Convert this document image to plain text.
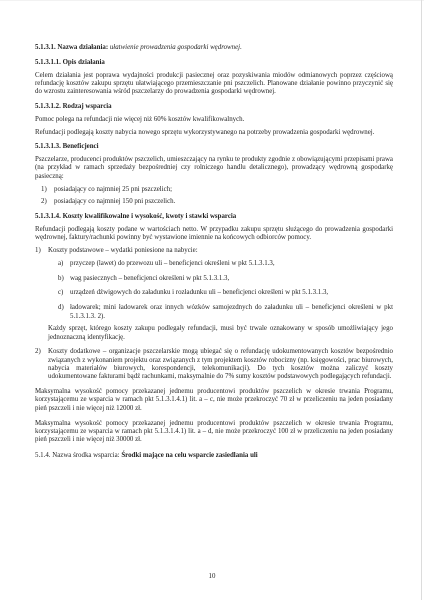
5.1.3.1. Nazwa działania: ułatwienie prowadzenia gospodarki wędrownej.

5.1.3.1.1. Opis działania

Celem działania jest poprawa wydajności produkcji pasiecznej oraz pozyskiwania miodów odmianowych poprzez częściową refundację kosztów zakupu sprzętu ułatwiającego przemieszczanie pni pszczelich. Planowane działanie powinno przyczynić się do wzrostu zainteresowania wśród pszczelarzy do prowadzenia gospodarki wędrownej.

5.1.3.1.2. Rodzaj wsparcia

Pomoc polega na refundacji nie więcej niż 60% kosztów kwalifikowalnych.

Refundacji podlegają koszty nabycia nowego sprzętu wykorzystywanego na potrzeby prowadzenia gospodarki wędrownej.

5.1.3.1.3. Beneficjenci

Pszczelarze, producenci produktów pszczelich, umieszczający na rynku te produkty zgodnie z obowiązującymi przepisami prawa (na przykład w ramach sprzedaży bezpośredniej czy rolniczego handlu detalicznego), prowadzący wędrowną gospodarkę pasieczną:

1)	posiadający co najmniej 25 pni pszczelich;
2)	posiadający co najmniej 150 pni pszczelich.

5.1.3.1.4. Koszty kwalifikowalne i wysokość, kwoty i stawki wsparcia

Refundacji podlegają koszty podane w wartościach netto. W przypadku zakupu sprzętu służącego do prowadzenia gospodarki wędrownej, faktury/rachunki powinny być wystawione imiennie na końcowych odbiorców pomocy.

1)	Koszty podstawowe – wydatki poniesione na nabycie:
a) przyczep (lawet) do przewozu uli – beneficjenci określeni w pkt 5.1.3.1.3,
b) wag pasiecznych – beneficjenci określeni w pkt 5.1.3.1.3,
c) urządzeń dźwigowych do załadunku i rozładunku uli – beneficjenci określeni w pkt 5.1.3.1.3,
d) ładowarek; mini ładowarek oraz innych wózków samojezdnych do załadunku uli – beneficjenci określeni w pkt 5.1.3.1.3. 2).

Każdy sprzęt, którego koszty zakupu podlegały refundacji, musi być trwale oznakowany w sposób umożliwiający jego jednoznaczną identyfikację.

2)	Koszty dodatkowe – organizacje pszczelarskie mogą ubiegać się o refundację udokumentowanych kosztów bezpośrednio związanych z wykonaniem projektu oraz związanych z tym projektem kosztów robocizny (np. księgowości, prac biurowych, nabycia materiałów biurowych, korespondencji, telekomunikacji). Do tych kosztów można zaliczyć koszty udokumentowane fakturami bądź rachunkami, maksymalnie do 7% sumy kosztów podstawowych podlegających refundacji.

Maksymalna wysokość pomocy przekazanej jednemu producentowi produktów pszczelich w okresie trwania Programu, korzystającemu ze wsparcia w ramach pkt 5.1.3.1.4.1) lit. a – c, nie może przekroczyć 70 zł w przeliczeniu na jeden posiadany pień pszczeli i nie więcej niż 12000 zł.

Maksymalna wysokość pomocy przekazanej jednemu producentowi produktów pszczelich w okresie trwania Programu, korzystającemu ze wsparcia w ramach pkt 5.1.3.1.4.1) lit. a – d, nie może przekroczyć 100 zł w przeliczeniu na jeden posiadany pień pszczeli i nie więcej niż 30000 zł.

5.1.4. Nazwa środka wsparcia: Środki mające na celu wsparcie zasiedlania uli

10
